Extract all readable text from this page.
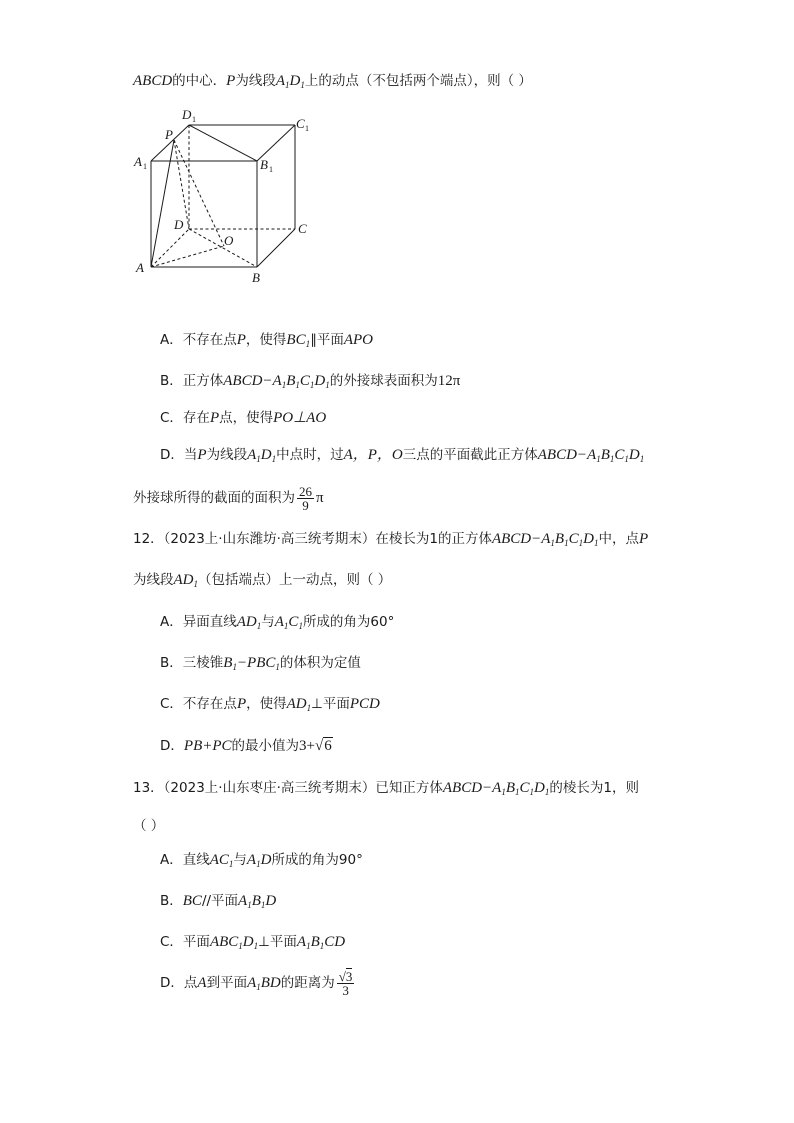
ABCD的中心．P为线段$A_1D_1$上的动点（不包括两个端点），则（ ）
D 1	C 1
P
A 1	B 1
D	C
O
A
B
A．不存在点P，使得$BC_1\parallel$平面APO
B．正方体$ABCD-A_1B_1C_1D_1$的外接球表面积为12π
C．存在P点，使得PO⊥AO
D．当P为线段$A_1D_1$中点时，过A，P，O三点的平面截此正方体$ABCD-A_1B_1C_1D_1$
外接球所得的截面的面积为 $\frac{26}{9}$ π
12．（2023上·山东潍坊·高三统考期末）在棱长为1的正方体$ABCD-A_1B_1C_1D_1$中，点P
为线段$AD_1$（包括端点）上一动点，则（ ）
A．异面直线$AD_1$与$A_1C_1$所成的角为60°
B．三棱锥$B_1-PBC_1$的体积为定值
C．不存在点P，使得$AD_1\perp$平面PCD
D．PB+PC的最小值为3+√6
13．（2023上·山东枣庄·高三统考期末）已知正方体$ABCD-A_1B_1C_1D_1$的棱长为1，则
（ ）
A．直线$AC_1$与$A_1D$所成的角为90°
B．BC//平面$A_1B_1D$
C．平面$ABC_1D_1\perp$平面$A_1B_1CD$
D．点A到平面$A_1BD$的距离为 $\frac{√3}{3}$
